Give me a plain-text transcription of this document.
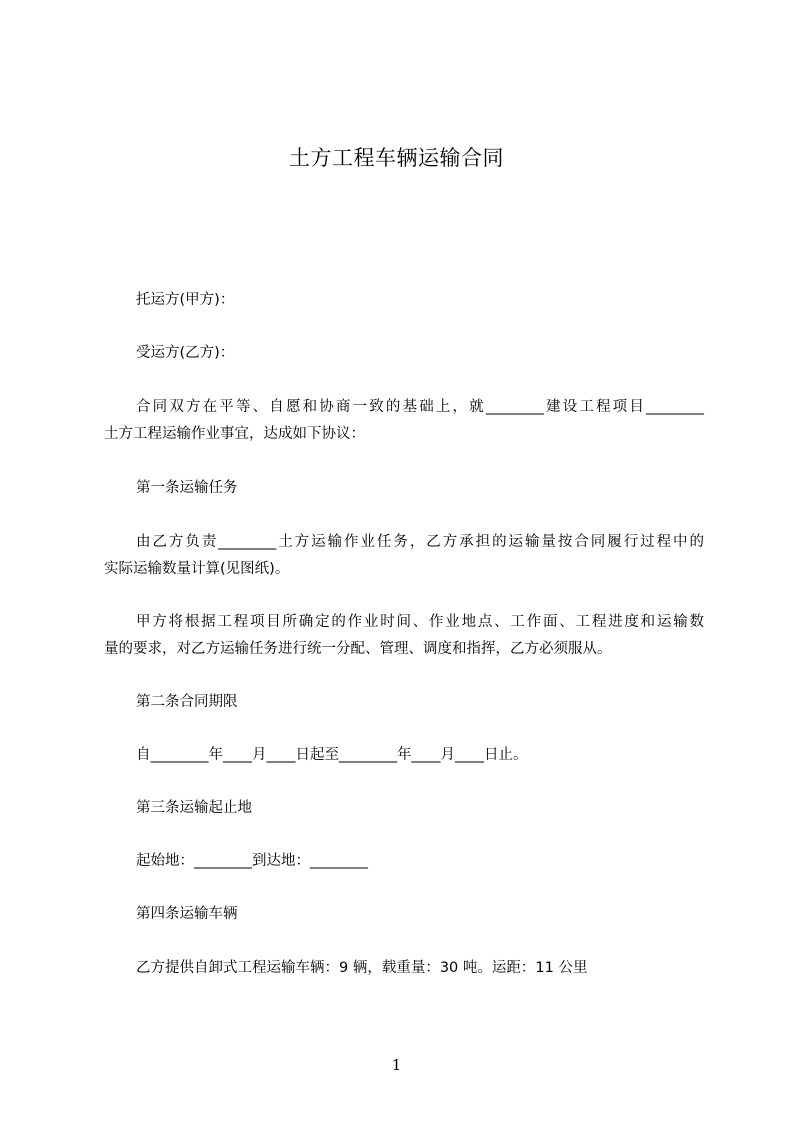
土方工程车辆运输合同
托运方(甲方)：
受运方(乙方)：
合同双方在平等、自愿和协商一致的基础上，就________建设工程项目________
土方工程运输作业事宜，达成如下协议：
第一条运输任务
由乙方负责________土方运输作业任务，乙方承担的运输量按合同履行过程中的
实际运输数量计算(见图纸)。
甲方将根据工程项目所确定的作业时间、作业地点、工作面、工程进度和运输数
量的要求，对乙方运输任务进行统一分配、管理、调度和指挥，乙方必须服从。
第二条合同期限
自________年____月____日起至________年____月____日止。
第三条运输起止地
起始地：________到达地：________
第四条运输车辆
乙方提供自卸式工程运输车辆：9 辆，载重量：30 吨。运距：11 公里
1
